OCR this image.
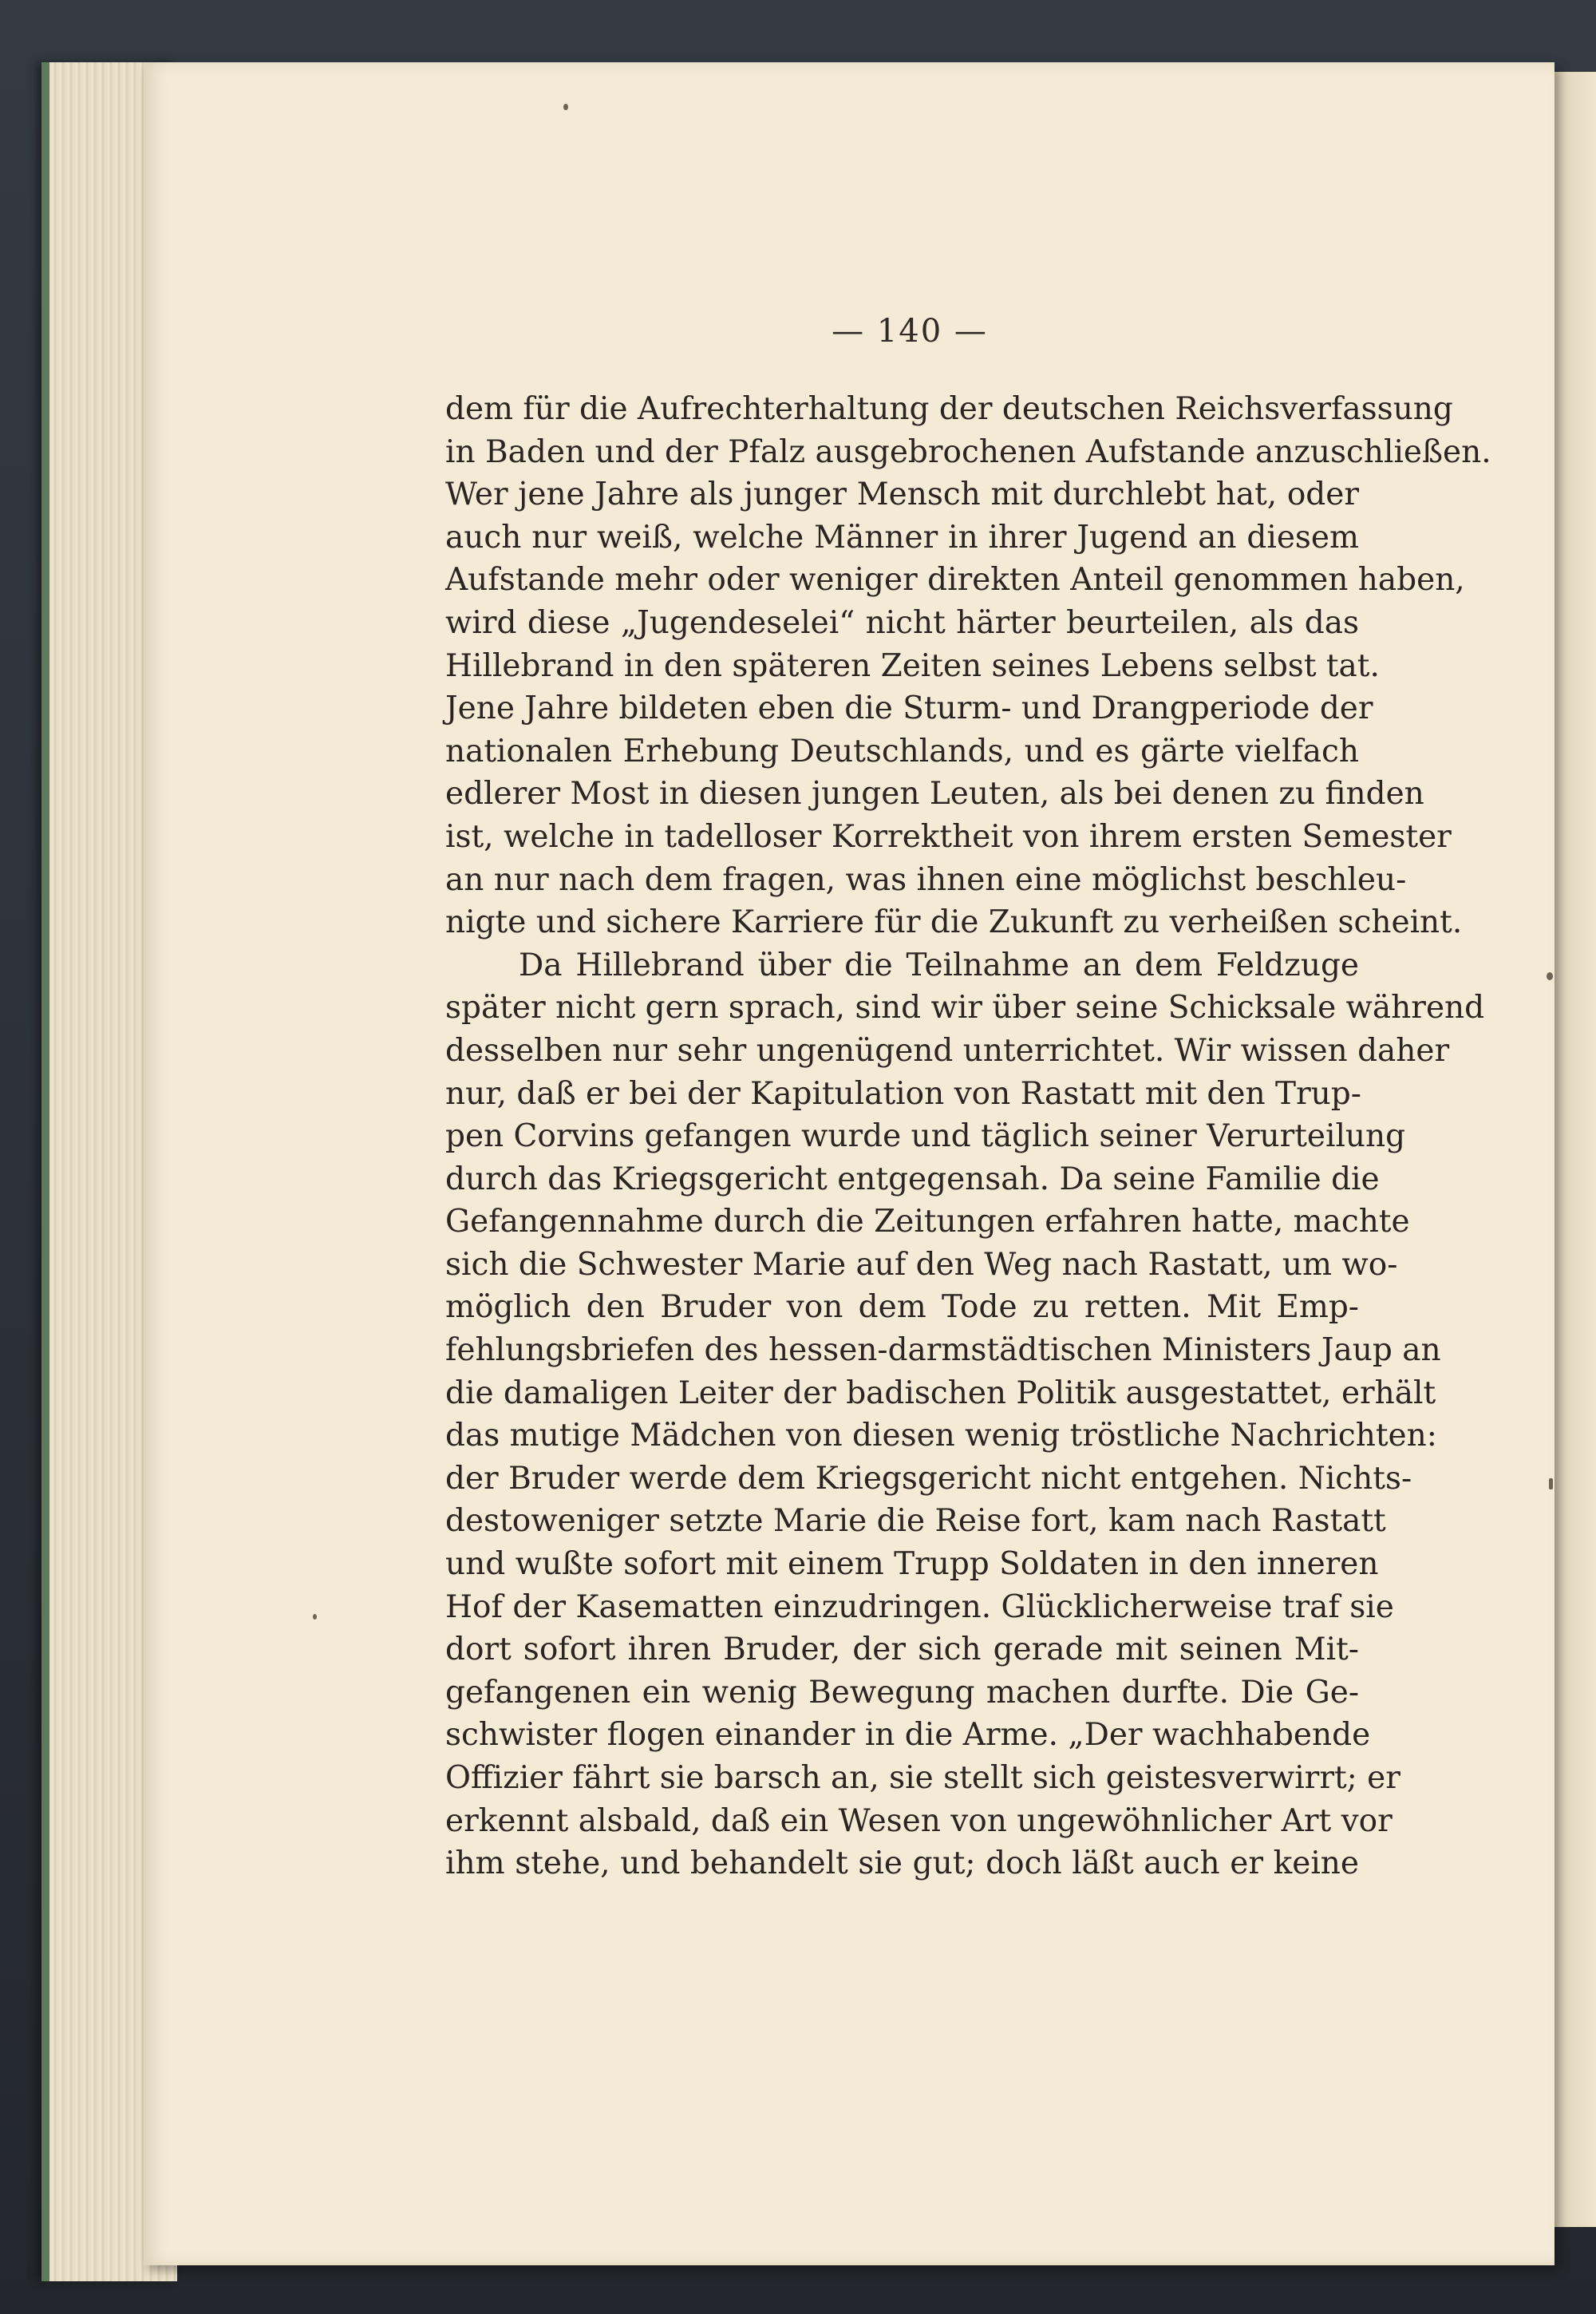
— 140 —
dem für die Aufrechterhaltung der deutschen Reichsverfassung
in Baden und der Pfalz ausgebrochenen Aufstande anzuschließen.
Wer jene Jahre als junger Mensch mit durchlebt hat, oder
auch nur weiß, welche Männer in ihrer Jugend an diesem
Aufstande mehr oder weniger direkten Anteil genommen haben,
wird diese „Jugendeselei“ nicht härter beurteilen, als das
Hillebrand in den späteren Zeiten seines Lebens selbst tat.
Jene Jahre bildeten eben die Sturm- und Drangperiode der
nationalen Erhebung Deutschlands, und es gärte vielfach
edlerer Most in diesen jungen Leuten, als bei denen zu finden
ist, welche in tadelloser Korrektheit von ihrem ersten Semester
an nur nach dem fragen, was ihnen eine möglichst beschleu-
nigte und sichere Karriere für die Zukunft zu verheißen scheint.
Da Hillebrand über die Teilnahme an dem Feldzuge
später nicht gern sprach, sind wir über seine Schicksale während
desselben nur sehr ungenügend unterrichtet. Wir wissen daher
nur, daß er bei der Kapitulation von Rastatt mit den Trup-
pen Corvins gefangen wurde und täglich seiner Verurteilung
durch das Kriegsgericht entgegensah. Da seine Familie die
Gefangennahme durch die Zeitungen erfahren hatte, machte
sich die Schwester Marie auf den Weg nach Rastatt, um wo-
möglich den Bruder von dem Tode zu retten. Mit Emp-
fehlungsbriefen des hessen-darmstädtischen Ministers Jaup an
die damaligen Leiter der badischen Politik ausgestattet, erhält
das mutige Mädchen von diesen wenig tröstliche Nachrichten:
der Bruder werde dem Kriegsgericht nicht entgehen. Nichts-
destoweniger setzte Marie die Reise fort, kam nach Rastatt
und wußte sofort mit einem Trupp Soldaten in den inneren
Hof der Kasematten einzudringen. Glücklicherweise traf sie
dort sofort ihren Bruder, der sich gerade mit seinen Mit-
gefangenen ein wenig Bewegung machen durfte. Die Ge-
schwister flogen einander in die Arme. „Der wachhabende
Offizier fährt sie barsch an, sie stellt sich geistesverwirrt; er
erkennt alsbald, daß ein Wesen von ungewöhnlicher Art vor
ihm stehe, und behandelt sie gut; doch läßt auch er keine
